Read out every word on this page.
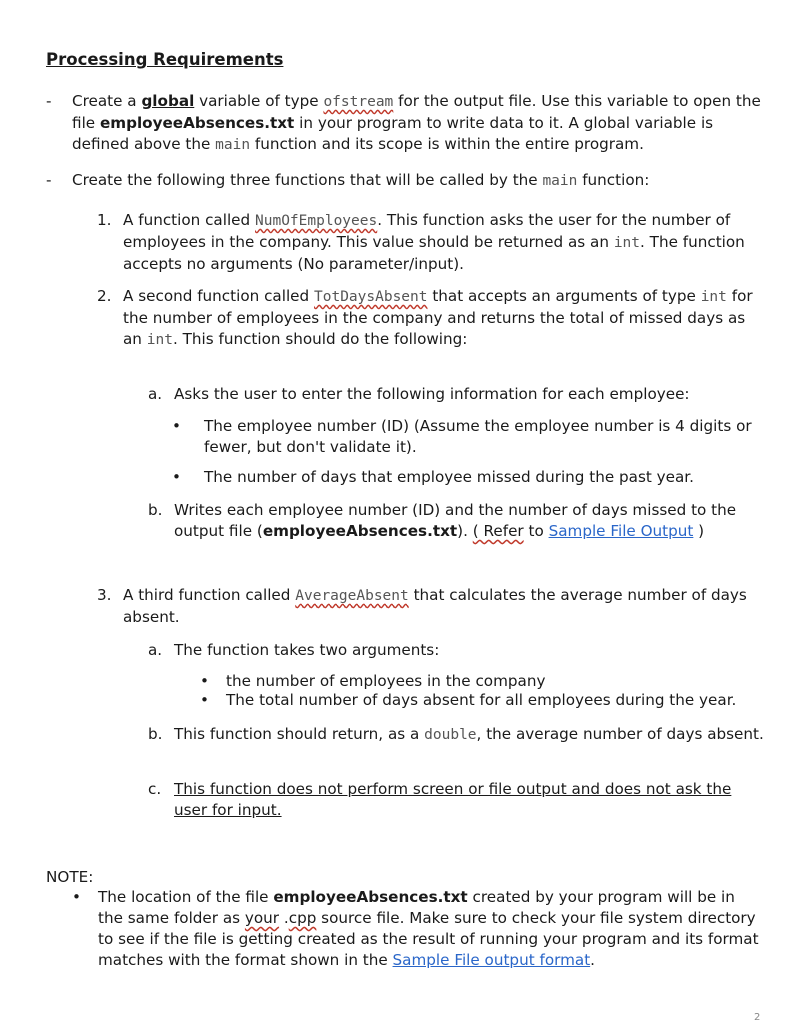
Processing Requirements
- Create a global variable of type ofstream for the output file. Use this variable to open the file employeeAbsences.txt in your program to write data to it. A global variable is defined above the main function and its scope is within the entire program.
- Create the following three functions that will be called by the main function:
1. A function called NumOfEmployees. This function asks the user for the number of employees in the company. This value should be returned as an int. The function accepts no arguments (No parameter/input).
2. A second function called TotDaysAbsent that accepts an arguments of type int for the number of employees in the company and returns the total of missed days as an int. This function should do the following:
a. Asks the user to enter the following information for each employee:
• The employee number (ID) (Assume the employee number is 4 digits or fewer, but don't validate it).
• The number of days that employee missed during the past year.
b. Writes each employee number (ID) and the number of days missed to the output file (employeeAbsences.txt). ( Refer to Sample File Output )
3. A third function called AverageAbsent that calculates the average number of days absent.
a. The function takes two arguments:
• the number of employees in the company
• The total number of days absent for all employees during the year.
b. This function should return, as a double, the average number of days absent.
c. This function does not perform screen or file output and does not ask the user for input.
NOTE:
• The location of the file employeeAbsences.txt created by your program will be in the same folder as your .cpp source file. Make sure to check your file system directory to see if the file is getting created as the result of running your program and its format matches with the format shown in the Sample File output format.
2
